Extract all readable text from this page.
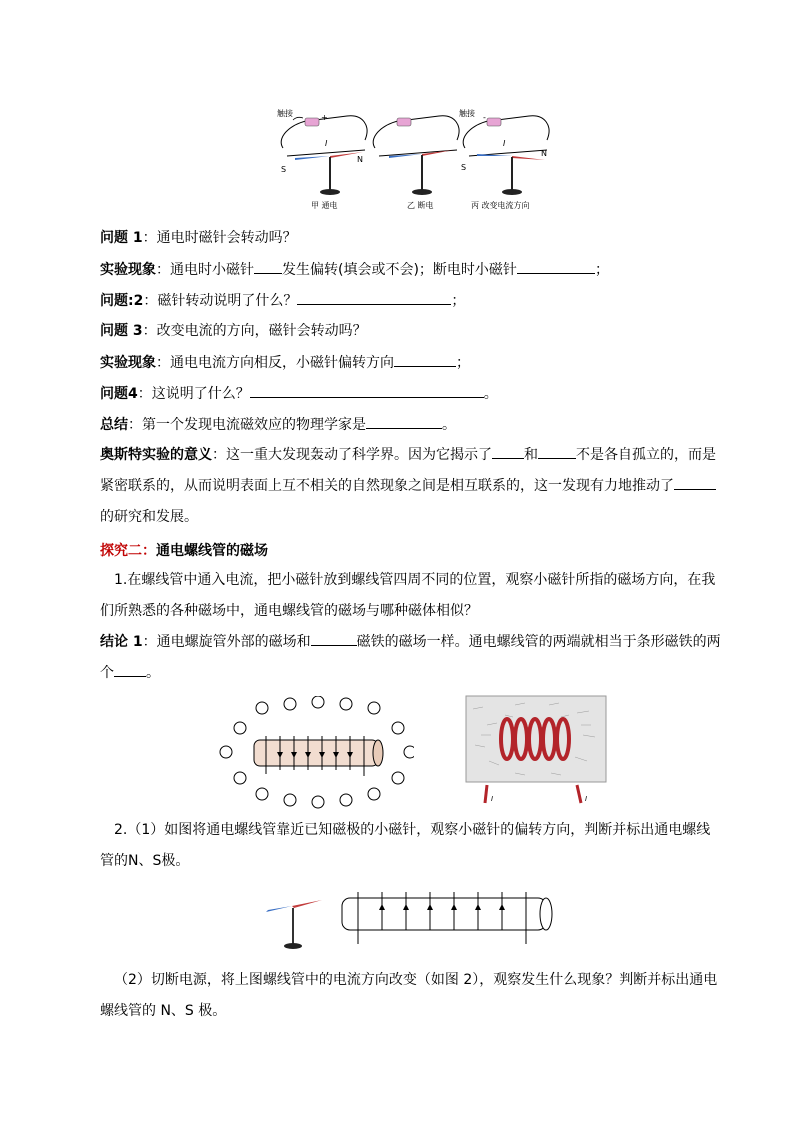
触接	+
I
S
N
甲 通电	乙 断电
触接 -
I
S
N
丙 改变电流方向
问题 1：通电时磁针会转动吗？
实验现象：通电时小磁针 发生偏转(填会或不会)；断电时小磁针	；
问题:2：磁针转动说明了什么？	；
问题 3：改变电流的方向，磁针会转动吗？
实验现象：通电电流方向相反，小磁针偏转方向	；
问题4：这说明了什么？	。
总结：第一个发现电流磁效应的物理学家是	。
奥斯特实验的意义：这一重大发现轰动了科学界。因为它揭示了 和	不是各自孤立的，而是紧密联系的，从而说明表面上互不相关的自然现象之间是相互联系的，这一发现有力地推动了的研究和发展。
探究二：通电螺线管的磁场
1.在螺线管中通入电流，把小磁针放到螺线管四周不同的位置，观察小磁针所指的磁场方向，在我们所熟悉的各种磁场中，通电螺线管的磁场与哪种磁体相似？
结论 1：通电螺旋管外部的磁场和	磁铁的磁场一样。通电螺线管的两端就相当于条形磁铁的两个 。
I	I
2.（1）如图将通电螺线管靠近已知磁极的小磁针，观察小磁针的偏转方向，判断并标出通电螺线管的N、S极。
（2）切断电源，将上图螺线管中的电流方向改变（如图 2），观察发生什么现象？判断并标出通电螺线管的 N、S 极。
